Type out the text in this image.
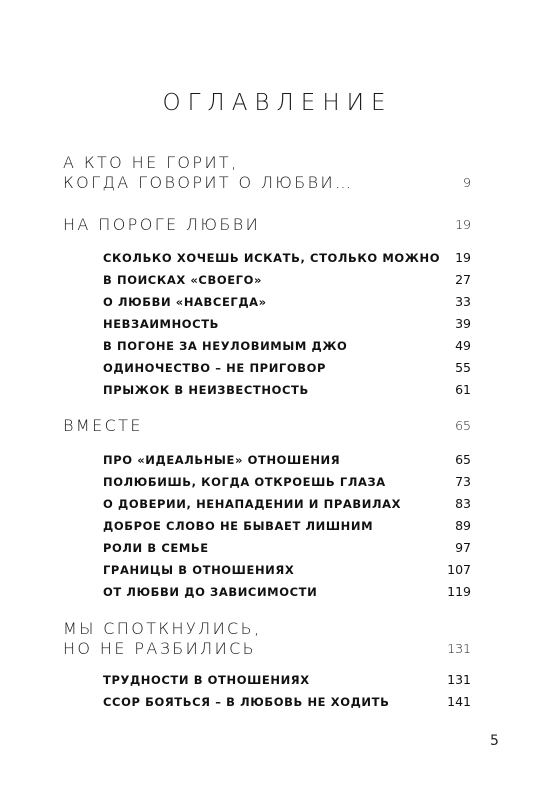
ОГЛАВЛЕНИЕ
А КТО НЕ ГОРИТ,
КОГДА ГОВОРИТ О ЛЮБВИ…	9
НА ПОРОГЕ ЛЮБВИ	19
СКОЛЬКО ХОЧЕШЬ ИСКАТЬ, СТОЛЬКО МОЖНО 19
В ПОИСКАХ «СВОЕГО»	27
О ЛЮБВИ «НАВСЕГДА»	33
НЕВЗАИМНОСТЬ	39
В ПОГОНЕ ЗА НЕУЛОВИМЫМ ДЖО	49
ОДИНОЧЕСТВО – НЕ ПРИГОВОР	55
ПРЫЖОК В НЕИЗВЕСТНОСТЬ	61
ВМЕСТЕ	65
ПРО «ИДЕАЛЬНЫЕ» ОТНОШЕНИЯ	65
ПОЛЮБИШЬ, КОГДА ОТКРОЕШЬ ГЛАЗА	73
О ДОВЕРИИ, НЕНАПАДЕНИИ И ПРАВИЛАХ	83
ДОБРОЕ СЛОВО НЕ БЫВАЕТ ЛИШНИМ	89
РОЛИ В СЕМЬЕ	97
ГРАНИЦЫ В ОТНОШЕНИЯХ	107
ОТ ЛЮБВИ ДО ЗАВИСИМОСТИ	119
МЫ СПОТКНУЛИСЬ,
НО НЕ РАЗБИЛИСЬ	131
ТРУДНОСТИ В ОТНОШЕНИЯХ	131
ССОР БОЯТЬСЯ – В ЛЮБОВЬ НЕ ХОДИТЬ	141
5
